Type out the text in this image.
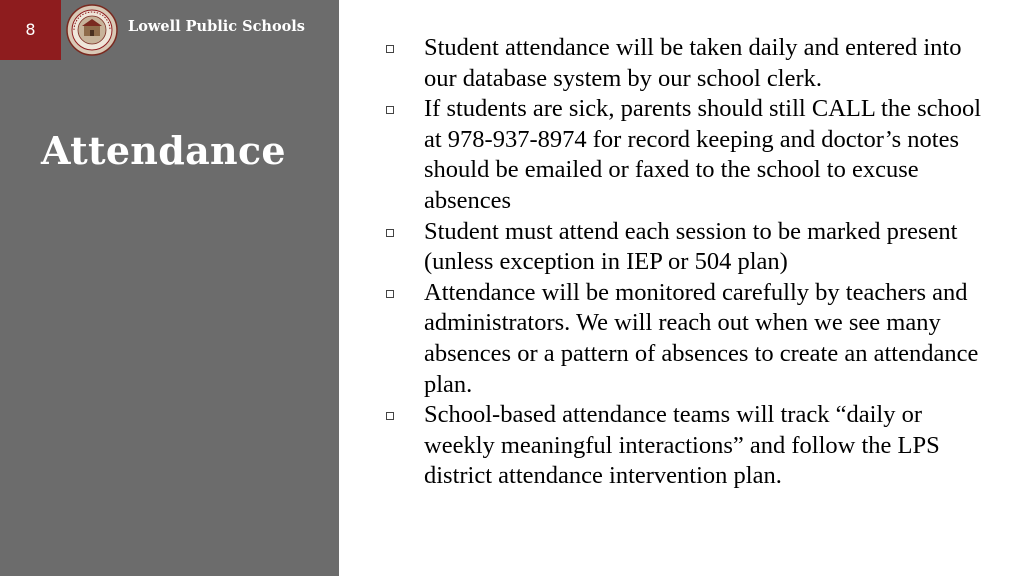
8	Lowell Public Schools
Attendance
Student attendance will be taken daily and entered into our database system by our school clerk.
If students are sick, parents should still CALL the school at 978-937-8974 for record keeping and doctor’s notes should be emailed or faxed to the school to excuse absences
Student must attend each session to be marked present (unless exception in IEP or 504 plan)
Attendance will be monitored carefully by teachers and administrators. We will reach out when we see many absences or a pattern of absences to create an attendance plan.
School-based attendance teams will track “daily or weekly meaningful interactions” and follow the LPS district attendance intervention plan.
